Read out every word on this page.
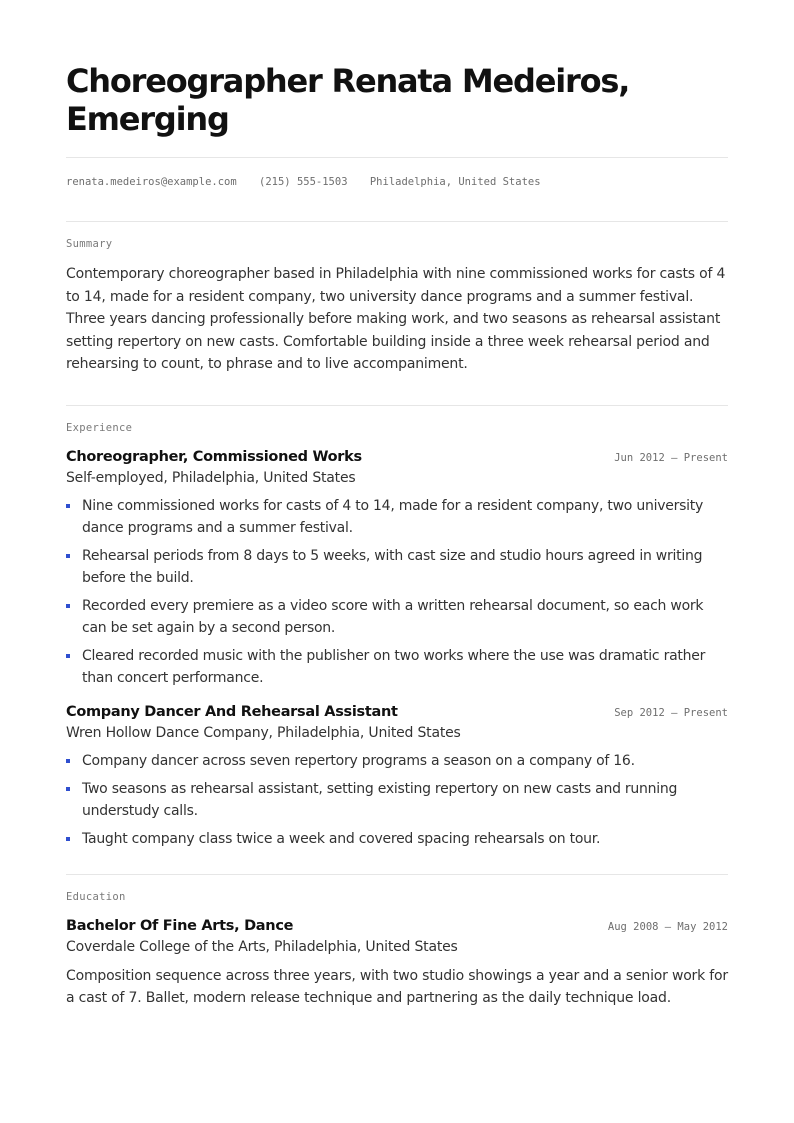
Choreographer Renata Medeiros,
Emerging
renata.medeiros@example.com (215) 555-1503 Philadelphia, United States
Summary
Contemporary choreographer based in Philadelphia with nine commissioned works for casts of 4 to 14, made for a resident company, two university dance programs and a summer festival. Three years dancing professionally before making work, and two seasons as rehearsal assistant setting repertory on new casts. Comfortable building inside a three week rehearsal period and rehearsing to count, to phrase and to live accompaniment.
Experience
Choreographer, Commissioned Works	Jun 2012 — Present
Self-employed, Philadelphia, United States
Nine commissioned works for casts of 4 to 14, made for a resident company, two university dance programs and a summer festival.
Rehearsal periods from 8 days to 5 weeks, with cast size and studio hours agreed in writing before the build.
Recorded every premiere as a video score with a written rehearsal document, so each work can be set again by a second person.
Cleared recorded music with the publisher on two works where the use was dramatic rather than concert performance.
Company Dancer And Rehearsal Assistant	Sep 2012 — Present
Wren Hollow Dance Company, Philadelphia, United States
Company dancer across seven repertory programs a season on a company of 16.
Two seasons as rehearsal assistant, setting existing repertory on new casts and running understudy calls.
Taught company class twice a week and covered spacing rehearsals on tour.
Education
Bachelor Of Fine Arts, Dance	Aug 2008 — May 2012
Coverdale College of the Arts, Philadelphia, United States
Composition sequence across three years, with two studio showings a year and a senior work for a cast of 7. Ballet, modern release technique and partnering as the daily technique load.
